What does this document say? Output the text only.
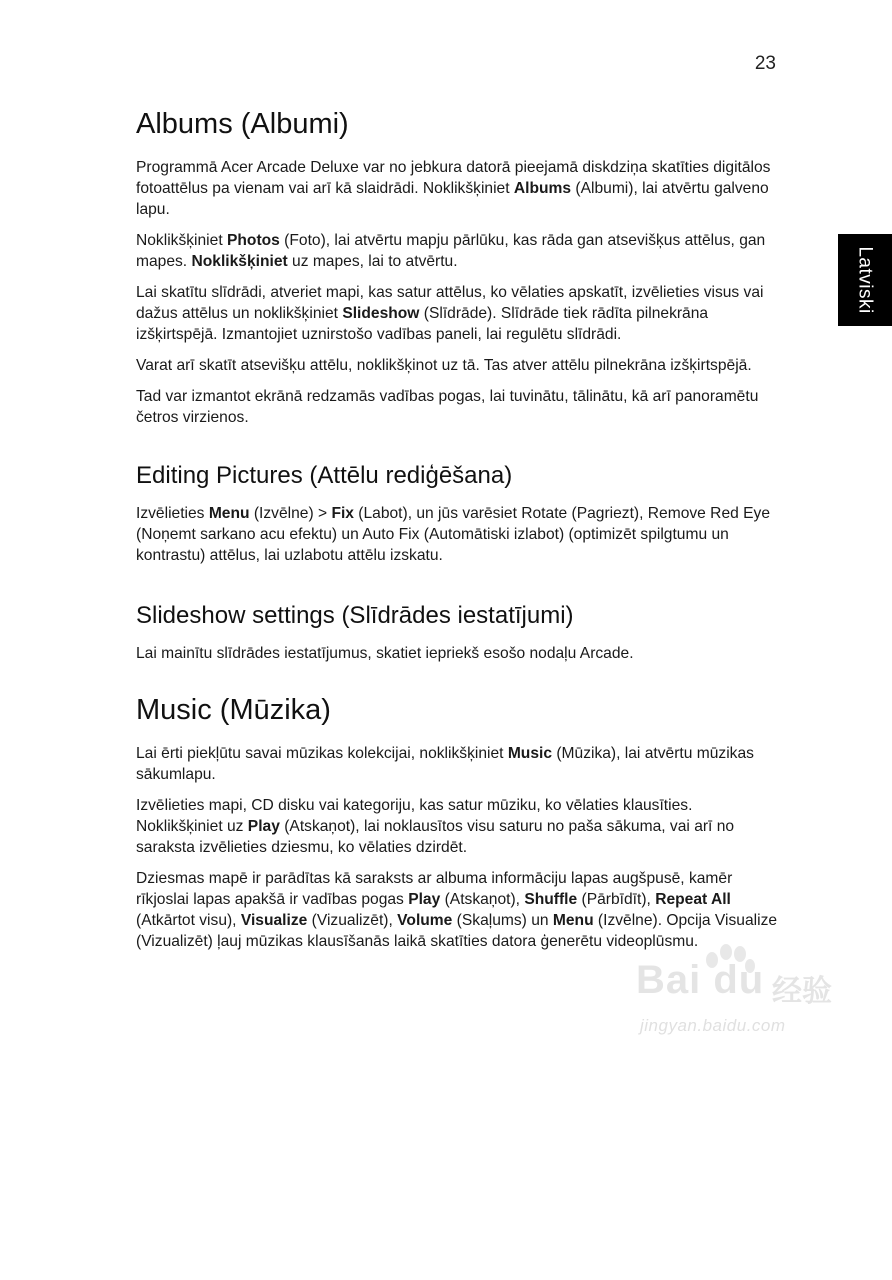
23
Latviski
Albums (Albumi)

Programmā Acer Arcade Deluxe var no jebkura datorā pieejamā diskdziņa skatīties digitālos fotoattēlus pa vienam vai arī kā slaidrādi. Noklikšķiniet Albums (Albumi), lai atvērtu galveno lapu.

Noklikšķiniet Photos (Foto), lai atvērtu mapju pārlūku, kas rāda gan atsevišķus attēlus, gan mapes. Noklikšķiniet uz mapes, lai to atvērtu.

Lai skatītu slīdrādi, atveriet mapi, kas satur attēlus, ko vēlaties apskatīt, izvēlieties visus vai dažus attēlus un noklikšķiniet Slideshow (Slīdrāde). Slīdrāde tiek rādīta pilnekrāna izšķirtspējā. Izmantojiet uznirstošo vadības paneli, lai regulētu slīdrādi.

Varat arī skatīt atsevišķu attēlu, noklikšķinot uz tā. Tas atver attēlu pilnekrāna izšķirtspējā.

Tad var izmantot ekrānā redzamās vadības pogas, lai tuvinātu, tālinātu, kā arī panoramētu četros virzienos.

Editing Pictures (Attēlu rediģēšana)

Izvēlieties Menu (Izvēlne) > Fix (Labot), un jūs varēsiet Rotate (Pagriezt), Remove Red Eye (Noņemt sarkano acu efektu) un Auto Fix (Automātiski izlabot) (optimizēt spilgtumu un kontrastu) attēlus, lai uzlabotu attēlu izskatu.

Slideshow settings (Slīdrādes iestatījumi)

Lai mainītu slīdrādes iestatījumus, skatiet iepriekš esošo nodaļu Arcade.

Music (Mūzika)

Lai ērti piekļūtu savai mūzikas kolekcijai, noklikšķiniet Music (Mūzika), lai atvērtu mūzikas sākumlapu.

Izvēlieties mapi, CD disku vai kategoriju, kas satur mūziku, ko vēlaties klausīties. Noklikšķiniet uz Play (Atskaņot), lai noklausītos visu saturu no paša sākuma, vai arī no saraksta izvēlieties dziesmu, ko vēlaties dzirdēt.

Dziesmas mapē ir parādītas kā saraksts ar albuma informāciju lapas augšpusē, kamēr rīkjoslai lapas apakšā ir vadības pogas Play (Atskaņot), Shuffle (Pārbīdīt), Repeat All (Atkārtot visu), Visualize (Vizualizēt), Volume (Skaļums) un Menu (Izvēlne). Opcija Visualize (Vizualizēt) ļauj mūzikas klausīšanās laikā skatīties datora ģenerētu videoplūsmu.

Bai du 经验
jingyan.baidu.com
